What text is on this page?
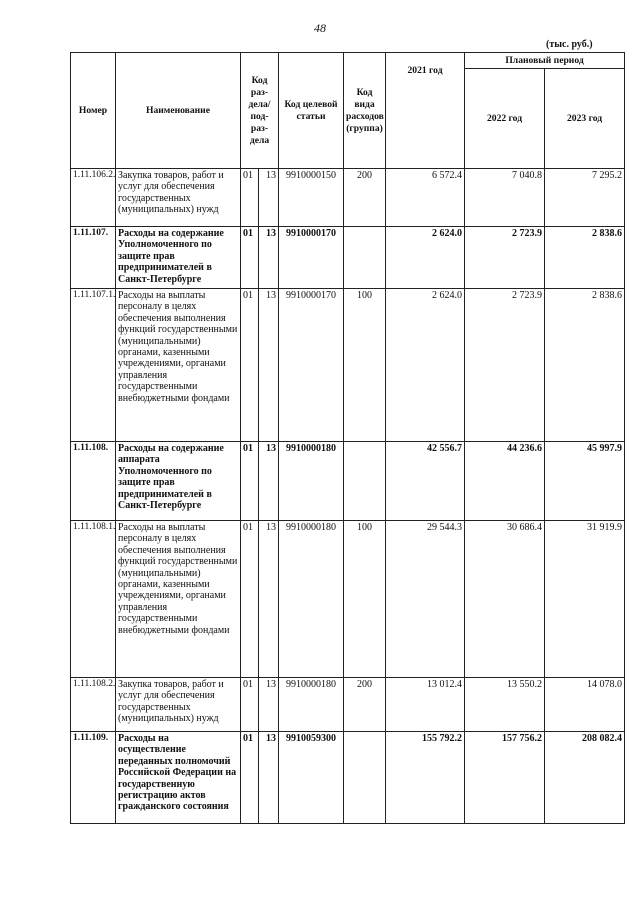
48
(тыс. руб.)
Номер	Наименование	Код раз-дела/ под-раз-дела		Код целевой статьи	Код вида расходов (группа)	2021 год	Плановый период	
							2022 год	2023 год
1.11.106.2.	Закупка товаров, работ и услуг для обеспечения государственных (муниципальных) нужд	01	13	9910000150	200	6 572.4	7 040.8	7 295.2
1.11.107.	Расходы на содержание Уполномоченного по защите прав предпринимателей в Санкт-Петербурге	01	13	9910000170		2 624.0	2 723.9	2 838.6
1.11.107.1.	Расходы на выплаты персоналу в целях обеспечения выполнения функций государственными (муниципальными) органами, казенными учреждениями, органами управления государственными внебюджетными фондами	01	13	9910000170	100	2 624.0	2 723.9	2 838.6
1.11.108.	Расходы на содержание аппарата Уполномоченного по защите прав предпринимателей в Санкт-Петербурге	01	13	9910000180		42 556.7	44 236.6	45 997.9
1.11.108.1.	Расходы на выплаты персоналу в целях обеспечения выполнения функций государственными (муниципальными) органами, казенными учреждениями, органами управления государственными внебюджетными фондами	01	13	9910000180	100	29 544.3	30 686.4	31 919.9
1.11.108.2.	Закупка товаров, работ и услуг для обеспечения государственных (муниципальных) нужд	01	13	9910000180	200	13 012.4	13 550.2	14 078.0
1.11.109.	Расходы на осуществление переданных полномочий Российской Федерации на государственную регистрацию актов гражданского состояния	01	13	9910059300		155 792.2	157 756.2	208 082.4
